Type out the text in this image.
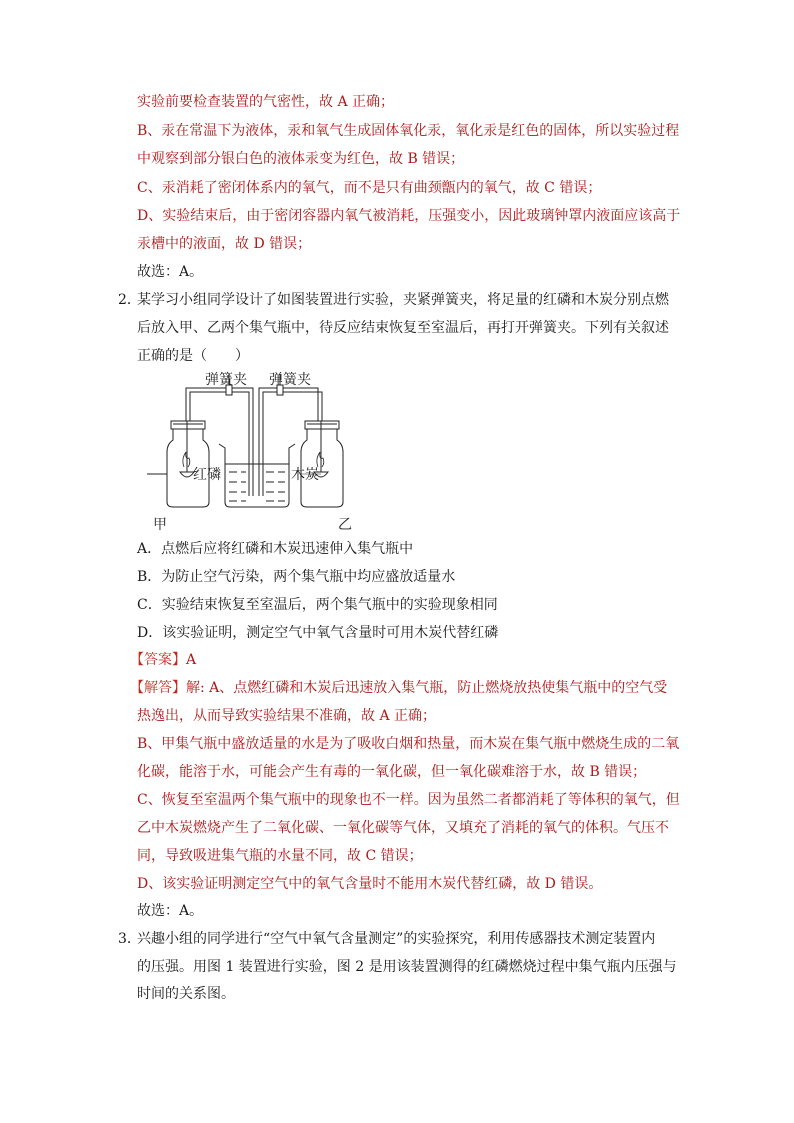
实验前要检查装置的气密性，故 A 正确；
B、汞在常温下为液体，汞和氧气生成固体氧化汞，氧化汞是红色的固体，所以实验过程
中观察到部分银白色的液体汞变为红色，故 B 错误；
C、汞消耗了密闭体系内的氧气，而不是只有曲颈甑内的氧气，故 C 错误；
D、实验结束后，由于密闭容器内氧气被消耗，压强变小，因此玻璃钟罩内液面应该高于
汞槽中的液面，故 D 错误；
故选：A。
2．
某学习小组同学设计了如图装置进行实验，夹紧弹簧夹，将足量的红磷和木炭分别点燃
后放入甲、乙两个集气瓶中，待反应结束恢复至室温后，再打开弹簧夹。下列有关叙述
正确的是（　　）
弹簧夹 弹簧夹
红磷	木炭
甲	乙
A．点燃后应将红磷和木炭迅速伸入集气瓶中
B．为防止空气污染，两个集气瓶中均应盛放适量水
C．实验结束恢复至室温后，两个集气瓶中的实验现象相同
D．该实验证明，测定空气中氧气含量时可用木炭代替红磷
【答案】A
【解答】解: A、点燃红磷和木炭后迅速放入集气瓶，防止燃烧放热使集气瓶中的空气受
热逸出，从而导致实验结果不准确，故 A 正确；
B、甲集气瓶中盛放适量的水是为了吸收白烟和热量，而木炭在集气瓶中燃烧生成的二氧
化碳，能溶于水，可能会产生有毒的一氧化碳，但一氧化碳难溶于水，故 B 错误；
C、恢复至室温两个集气瓶中的现象也不一样。因为虽然二者都消耗了等体积的氧气，但
乙中木炭燃烧产生了二氧化碳、一氧化碳等气体，又填充了消耗的氧气的体积。气压不
同，导致吸进集气瓶的水量不同，故 C 错误；
D、该实验证明测定空气中的氧气含量时不能用木炭代替红磷，故 D 错误。
故选：A。
3．
兴趣小组的同学进行“空气中氧气含量测定”的实验探究，利用传感器技术测定装置内
的压强。用图 1 装置进行实验，图 2 是用该装置测得的红磷燃烧过程中集气瓶内压强与
时间的关系图。
